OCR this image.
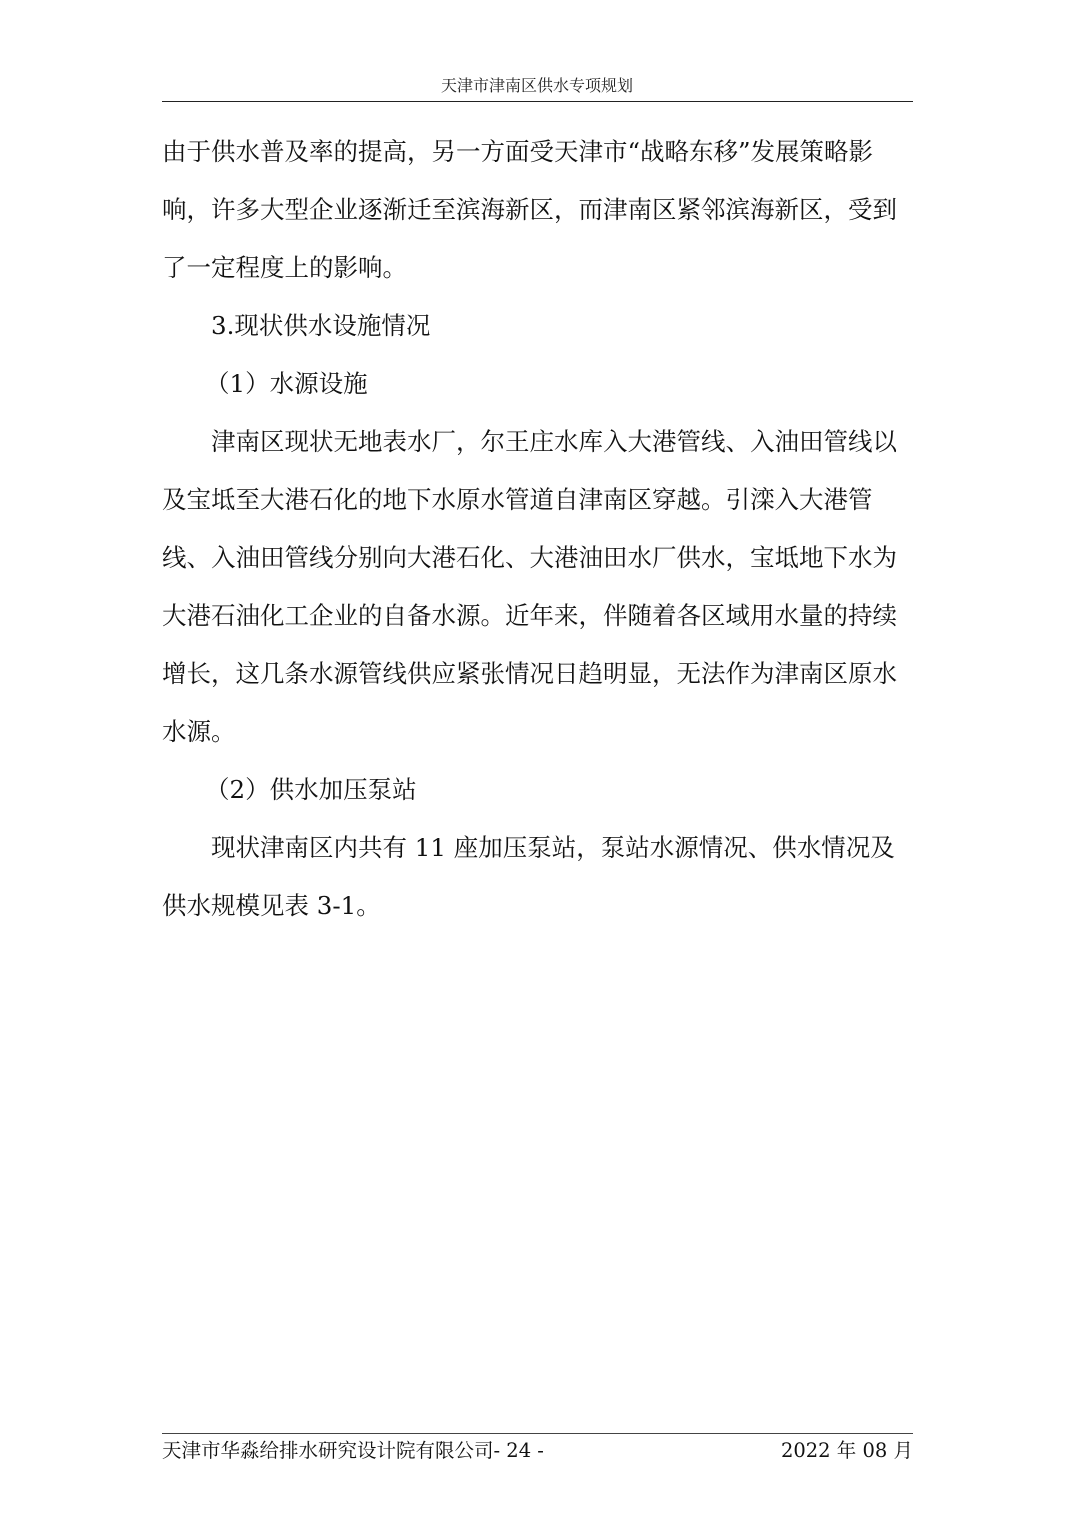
天津市津南区供水专项规划
由于供水普及率的提高，另一方面受天津市“战略东移”发展策略影
响，许多大型企业逐渐迁至滨海新区，而津南区紧邻滨海新区，受到
了一定程度上的影响。
3.现状供水设施情况
（1）水源设施
津南区现状无地表水厂，尔王庄水库入大港管线、入油田管线以
及宝坻至大港石化的地下水原水管道自津南区穿越。引滦入大港管
线、入油田管线分别向大港石化、大港油田水厂供水，宝坻地下水为
大港石油化工企业的自备水源。近年来，伴随着各区域用水量的持续
增长，这几条水源管线供应紧张情况日趋明显，无法作为津南区原水
水源。
（2）供水加压泵站
现状津南区内共有 11 座加压泵站，泵站水源情况、供水情况及
供水规模见表 3-1。
天津市华淼给排水研究设计院有限公司- 24 -	2022 年 08 月
